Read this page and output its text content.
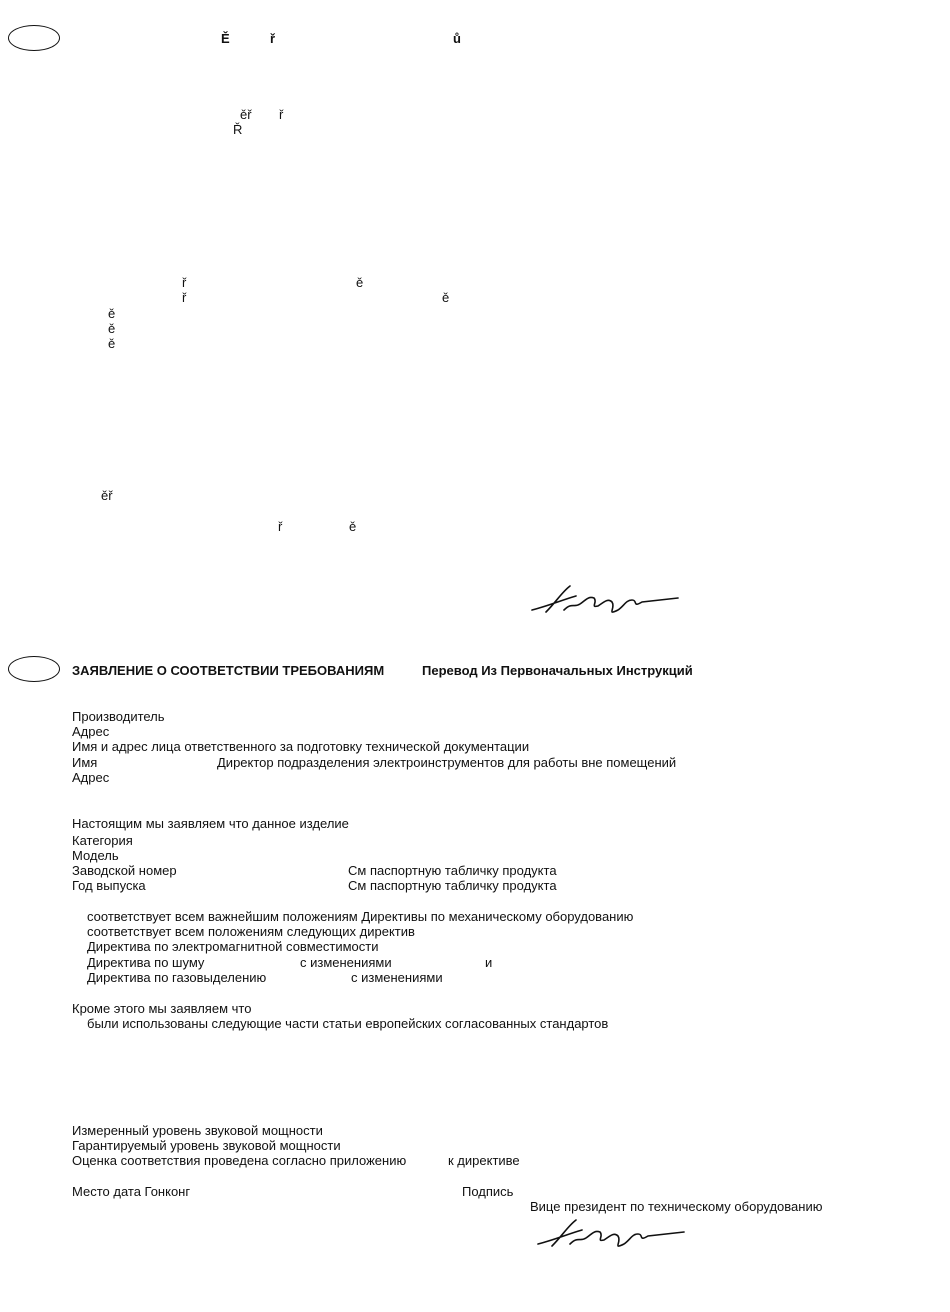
Ě	ř	ů
ěř ř
Ř
ř	ě
ř	ě
ě
ě
ě
ěř
ř	ě
ЗАЯВЛЕНИЕ О СООТВЕТСТВИИ ТРЕБОВАНИЯМ	Перевод Из Первоначальных Инструкций
Производитель
Адрес
Имя и адрес лица ответственного за подготовку технической документации
Имя	Директор подразделения электроинструментов для работы вне помещений
Адрес
Настоящим мы заявляем что данное изделие
Категория
Модель
Заводской номер	См паспортную табличку продукта
Год выпуска	См паспортную табличку продукта
соответствует всем важнейшим положениям Директивы по механическому оборудованию
соответствует всем положениям следующих директив
Директива по электромагнитной совместимости
Директива по шуму	с изменениями	и
Директива по газовыделению	с изменениями
Кроме этого мы заявляем что
были использованы следующие части статьи европейских согласованных стандартов
Измеренный уровень звуковой мощности
Гарантируемый уровень звуковой мощности
Оценка соответствия проведена согласно приложению	к директиве
Место дата Гонконг	Подпись
Вице президент по техническому оборудованию
